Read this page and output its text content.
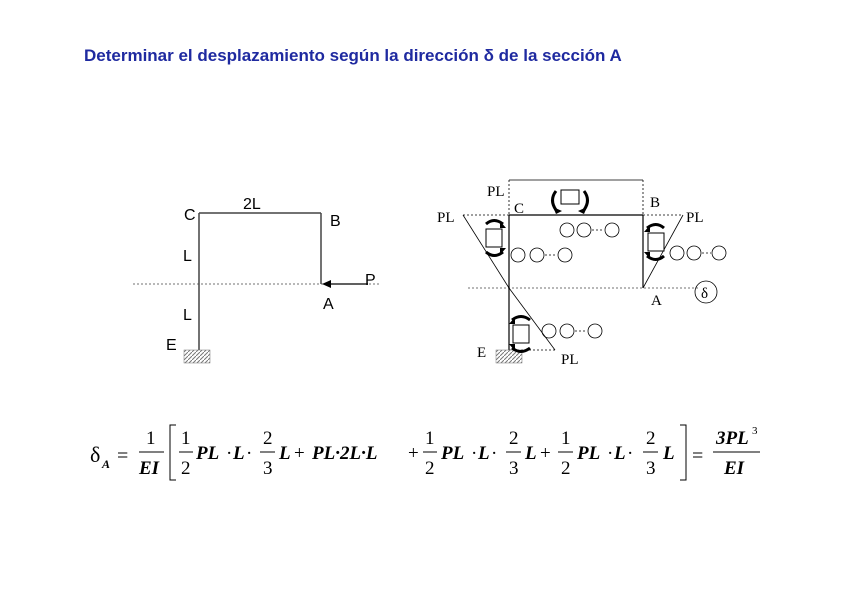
Determinar el desplazamiento según la dirección δ de la sección A
C
2L
B
L
P
A
L
E
PL
C	B
PL	PL
A
E	PL
δ
δ A =
1
EI
1
2
PL · L ·
2
3
L + PL·2L·L +
1
2
PL · L ·
2
3
L +
1
2
PL · L ·
2
3
L =
3PL 3
EI
